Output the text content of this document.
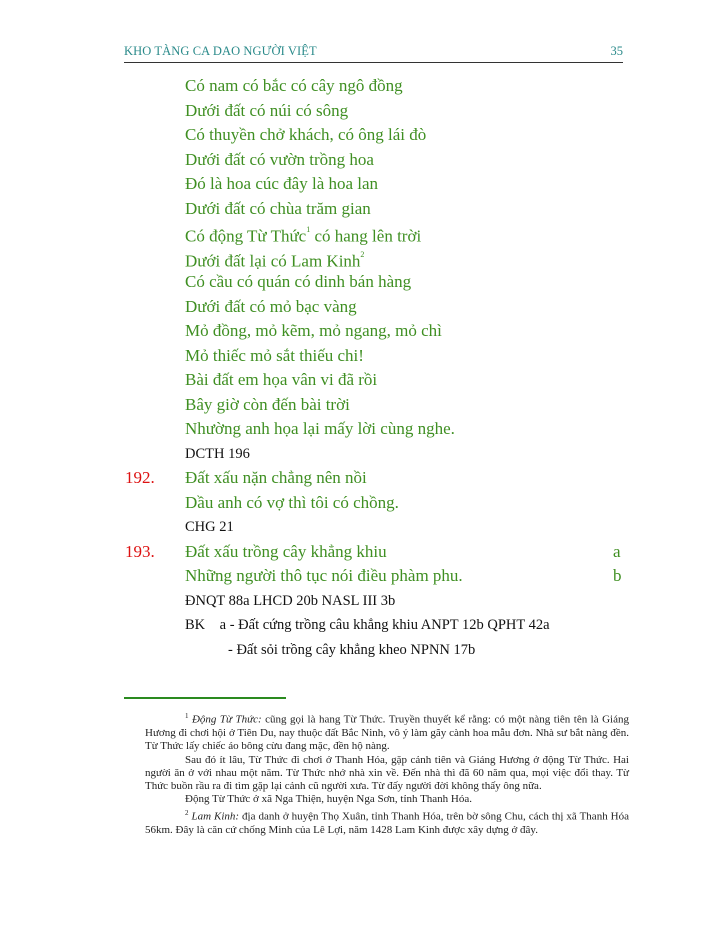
KHO TÀNG CA DAO NGƯỜI VIỆT	35
Có nam có bắc có cây ngô đồng
Dưới đất có núi có sông
Có thuyền chở khách, có ông lái đò
Dưới đất có vườn trồng hoa
Đó là hoa cúc đây là hoa lan
Dưới đất có chùa trăm gian
Có động Từ Thức$^1$ có hang lên trời
Dưới đất lại có Lam Kinh$^2$
Có cầu có quán có dinh bán hàng
Dưới đất có mỏ bạc vàng
Mỏ đồng, mỏ kẽm, mỏ ngang, mỏ chì
Mỏ thiếc mỏ sắt thiếu chi!
Bài đất em họa vân vi đã rồi
Bây giờ còn đến bài trời
Nhường anh họa lại mấy lời cùng nghe.
DCTH 196
192. Đất xấu nặn chẳng nên nồi
Dầu anh có vợ thì tôi có chồng.
CHG 21
193. Đất xấu trồng cây khẳng khiu	a
Những người thô tục nói điều phàm phu.	b
ĐNQT 88a LHCD 20b NASL III 3b
BK    a - Đất cứng trồng câu khẳng khiu ANPT 12b QPHT 42a
- Đất sỏi trồng cây khẳng kheo NPNN 17b

$^1$ Động Từ Thức: cũng gọi là hang Từ Thức. Truyền thuyết kể rằng: có một nàng tiên tên là Giáng Hương đi chơi hội ở Tiên Du, nay thuộc đất Bắc Ninh, vô ý làm gãy cành hoa mẫu đơn. Nhà sư bắt nàng đền. Từ Thức lấy chiếc áo bông cừu đang mặc, đền hộ nàng.

Sau đó ít lâu, Từ Thức đi chơi ở Thanh Hóa, gặp cảnh tiên và Giáng Hương ở động Từ Thức. Hai người ăn ở với nhau một năm. Từ Thức nhớ nhà xin về. Đến nhà thì đã 60 năm qua, mọi việc đổi thay. Từ Thức buồn rầu ra đi tìm gặp lại cảnh cũ người xưa. Từ đấy người đời không thấy ông nữa.

Động Từ Thức ở xã Nga Thiện, huyện Nga Sơn, tỉnh Thanh Hóa.

$^2$ Lam Kinh: địa danh ở huyện Thọ Xuân, tỉnh Thanh Hóa, trên bờ sông Chu, cách thị xã Thanh Hóa 56km. Đây là căn cứ chống Minh của Lê Lợi, năm 1428 Lam Kinh được xây dựng ở đây.
